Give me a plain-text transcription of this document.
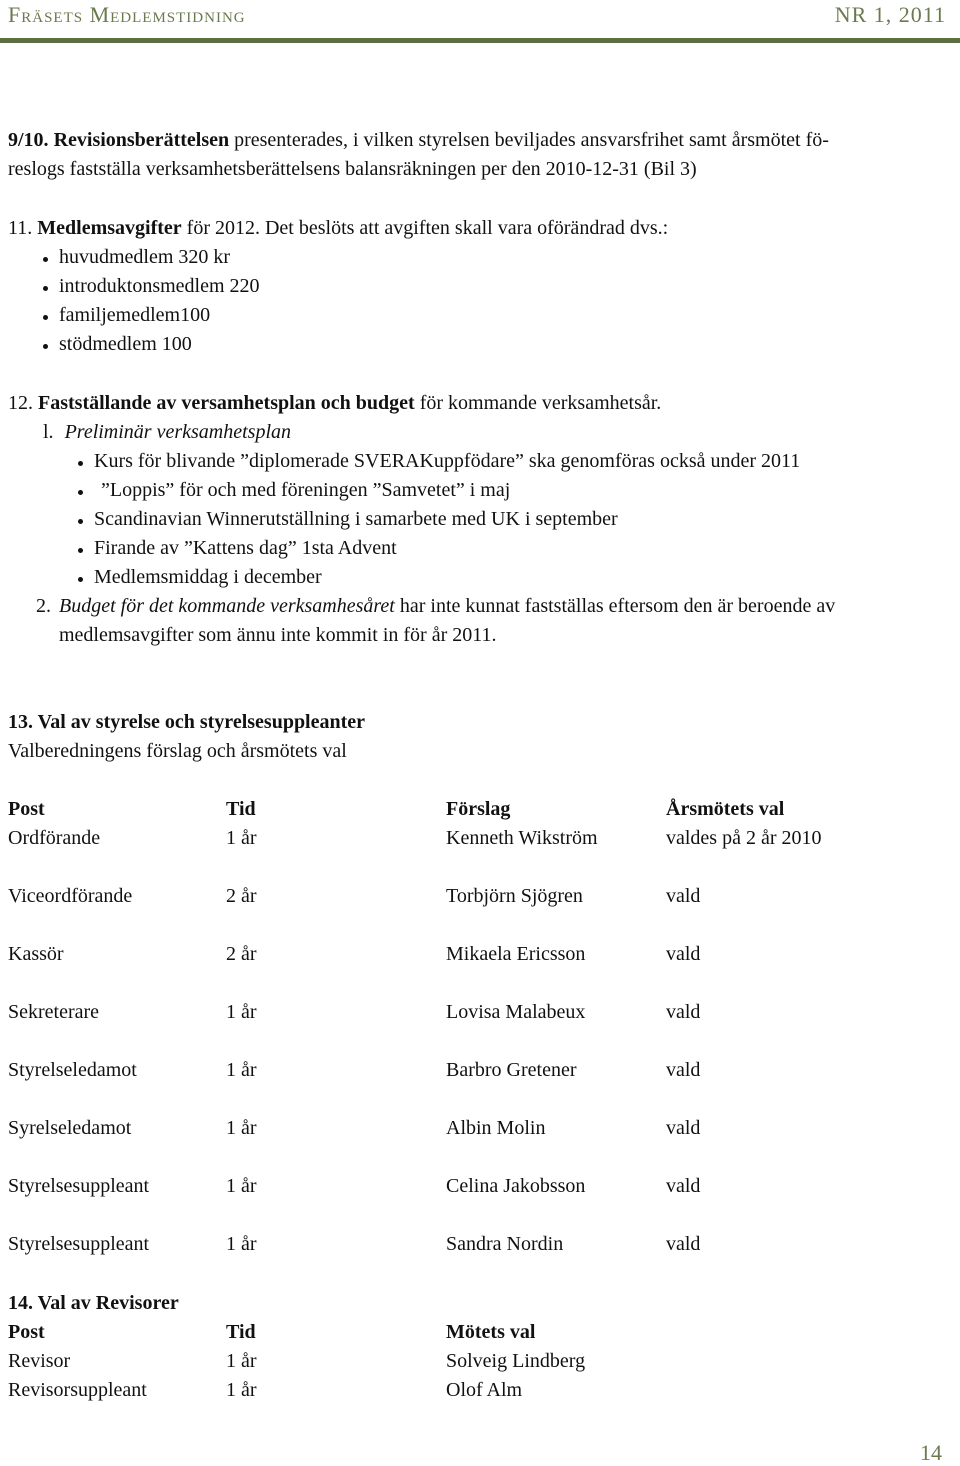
Fräsets Medlemstidning	NR 1, 2011
9/10. Revisionsberättelsen presenterades, i vilken styrelsen beviljades ansvarsfrihet samt årsmötet fö-
reslogs fastställa verksamhetsberättelsens balansräkningen per den 2010-12-31 (Bil 3)
11. Medlemsavgifter för 2012. Det beslöts att avgiften skall vara oförändrad dvs.:
huvudmedlem 320 kr
introduktonsmedlem 220
familjemedlem100
stödmedlem 100
12. Fastställande av versamhetsplan och budget för kommande verksamhetsår.
l. Preliminär verksamhetsplan
Kurs för blivande ”diplomerade SVERAKuppfödare” ska genomföras också under 2011
”Loppis” för och med föreningen ”Samvetet” i maj
Scandinavian Winnerutställning i samarbete med UK i september
Firande av ”Kattens dag” 1sta Advent
Medlemsmiddag i december
2. Budget för det kommande verksamhesåret har inte kunnat fastställas eftersom den är beroende av
medlemsavgifter som ännu inte kommit in för år 2011.
13. Val av styrelse och styrelsesuppleanter
Valberedningens förslag och årsmötets val
Post	Tid	Förslag	Årsmötets val
Ordförande	1 år	Kenneth Wikström	valdes på 2 år 2010
Viceordförande	2 år	Torbjörn Sjögren	vald
Kassör	2 år	Mikaela Ericsson	vald
Sekreterare	1 år	Lovisa Malabeux	vald
Styrelseledamot	1 år	Barbro Gretener	vald
Syrelseledamot	1 år	Albin Molin	vald
Styrelsesuppleant	1 år	Celina Jakobsson	vald
Styrelsesuppleant	1 år	Sandra Nordin	vald
14. Val av Revisorer
Post	Tid	Mötets val
Revisor	1 år	Solveig Lindberg
Revisorsuppleant	1 år	Olof Alm
14
